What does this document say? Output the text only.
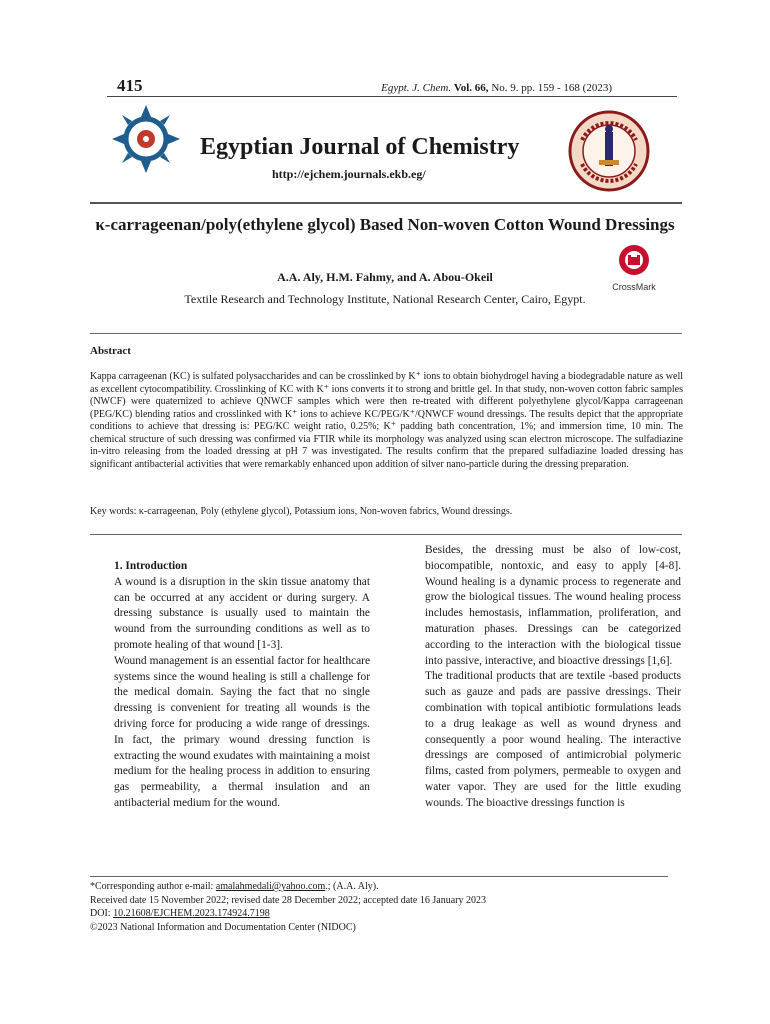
415	Egypt. J. Chem. Vol. 66, No. 9. pp. 159 - 168 (2023)
Egyptian Journal of Chemistry
http://ejchem.journals.ekb.eg/
κ-carrageenan/poly(ethylene glycol) Based Non-woven Cotton Wound Dressings
A.A. Aly, H.M. Fahmy, and A. Abou-Okeil
Textile Research and Technology Institute, National Research Center, Cairo, Egypt.
CrossMark
Abstract
Kappa carrageenan (KC) is sulfated polysaccharides and can be crosslinked by K⁺ ions to obtain biohydrogel having a biodegradable nature as well as excellent cytocompatibility. Crosslinking of KC with K⁺ ions converts it to strong and brittle gel. In that study, non-woven cotton fabric samples (NWCF) were quaternized to achieve QNWCF samples which were then re-treated with different polyethylene glycol/Kappa carrageenan (PEG/KC) blending ratios and crosslinked with K⁺ ions to achieve KC/PEG/K⁺/QNWCF wound dressings. The results depict that the appropriate conditions to achieve that dressing is: PEG/KC weight ratio, 0.25%; K⁺ padding bath concentration, 1%; and immersion time, 10 min. The chemical structure of such dressing was confirmed via FTIR while its morphology was analyzed using scan electron microscope. The sulfadiazine in-vitro releasing from the loaded dressing at pH 7 was investigated. The results confirm that the prepared sulfadiazine loaded dressing has significant antibacterial activities that were remarkably enhanced upon addition of silver nano-particle during the dressing preparation.
Key words: κ-carrageenan, Poly (ethylene glycol), Potassium ions, Non-woven fabrics, Wound dressings.
1. Introduction

A wound is a disruption in the skin tissue anatomy that can be occurred at any accident or during surgery. A dressing substance is usually used to maintain the wound from the surrounding conditions as well as to promote healing of that wound [1-3].

Wound management is an essential factor for healthcare systems since the wound healing is still a challenge for the medical domain. Saying the fact that no single dressing is convenient for treating all wounds is the driving force for producing a wide range of dressings. In fact, the primary wound dressing function is extracting the wound exudates with maintaining a moist medium for the healing process in addition to ensuring gas permeability, a thermal insulation and an antibacterial medium for the wound.

Besides, the dressing must be also of low-cost, biocompatible, nontoxic, and easy to apply [4-8]. Wound healing is a dynamic process to regenerate and grow the biological tissues. The wound healing process includes hemostasis, inflammation, proliferation, and maturation phases. Dressings can be categorized according to the interaction with the biological tissue into passive, interactive, and bioactive dressings [1,6].

The traditional products that are textile -based products such as gauze and pads are passive dressings. Their combination with topical antibiotic formulations leads to a drug leakage as well as wound dryness and consequently a poor wound healing. The interactive dressings are composed of antimicrobial polymeric films, casted from polymers, permeable to oxygen and water vapor. They are used for the little exuding wounds. The bioactive dressings function is

*Corresponding author e-mail: amalahmedali@yahoo.com.; (A.A. Aly).
Received date 15 November 2022; revised date 28 December 2022; accepted date 16 January 2023
DOI: 10.21608/EJCHEM.2023.174924.7198
©2023 National Information and Documentation Center (NIDOC)
